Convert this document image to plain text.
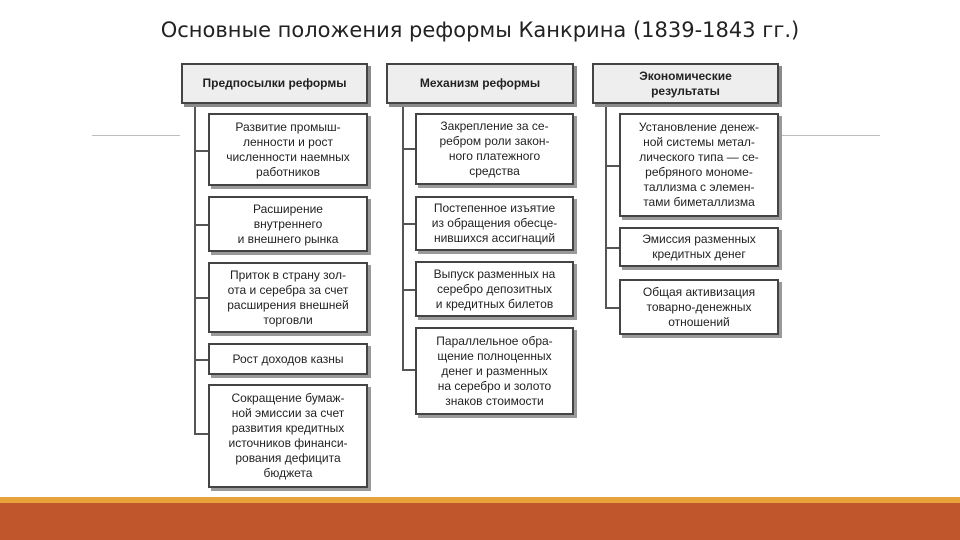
Основные положения реформы Канкрина (1839-1843 гг.)
Предпосылки реформы
Развитие промыш-
ленности и рост
численности наемных
работников
Расширение
внутреннего
и внешнего рынка
Приток в страну зол-
ота и серебра за счет
расширения внешней
торговли
Рост доходов казны
Сокращение бумаж-
ной эмиссии за счет
развития кредитных
источников финанси-
рования дефицита
бюджета
Механизм реформы
Закрепление за се-
ребром роли закон-
ного платежного
средства
Постепенное изъятие
из обращения обесце-
нившихся ассигнаций
Выпуск разменных на
серебро депозитных
и кредитных билетов
Параллельное обра-
щение полноценных
денег и разменных
на серебро и золото
знаков стоимости
Экономические
результаты
Установление денеж-
ной системы метал-
лического типа — се-
ребряного мономе-
таллизма с элемен-
тами биметаллизма
Эмиссия разменных
кредитных денег
Общая активизация
товарно-денежных
отношений
